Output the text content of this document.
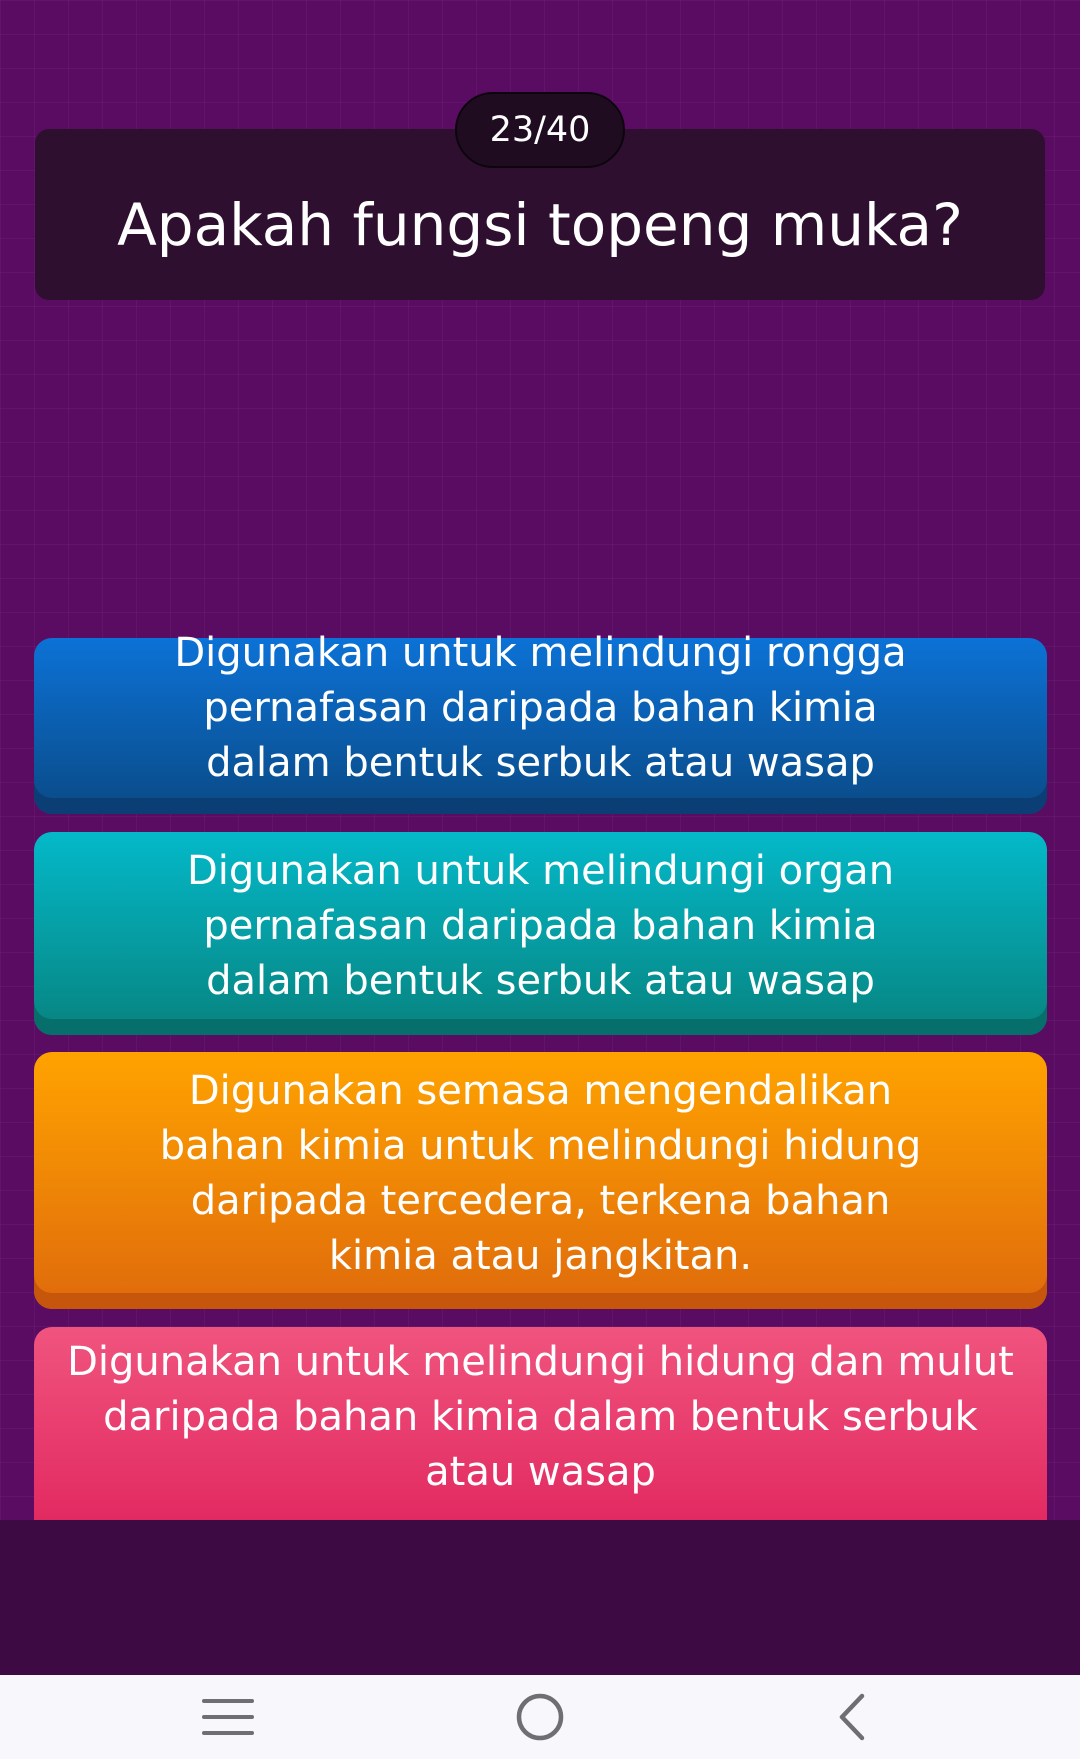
23/40
Apakah fungsi topeng muka?
Digunakan untuk melindungi rongga pernafasan daripada bahan kimia dalam bentuk serbuk atau wasap
Digunakan untuk melindungi organ pernafasan daripada bahan kimia dalam bentuk serbuk atau wasap
Digunakan semasa mengendalikan bahan kimia untuk melindungi hidung daripada tercedera, terkena bahan kimia atau jangkitan.
Digunakan untuk melindungi hidung dan mulut daripada bahan kimia dalam bentuk serbuk atau wasap
